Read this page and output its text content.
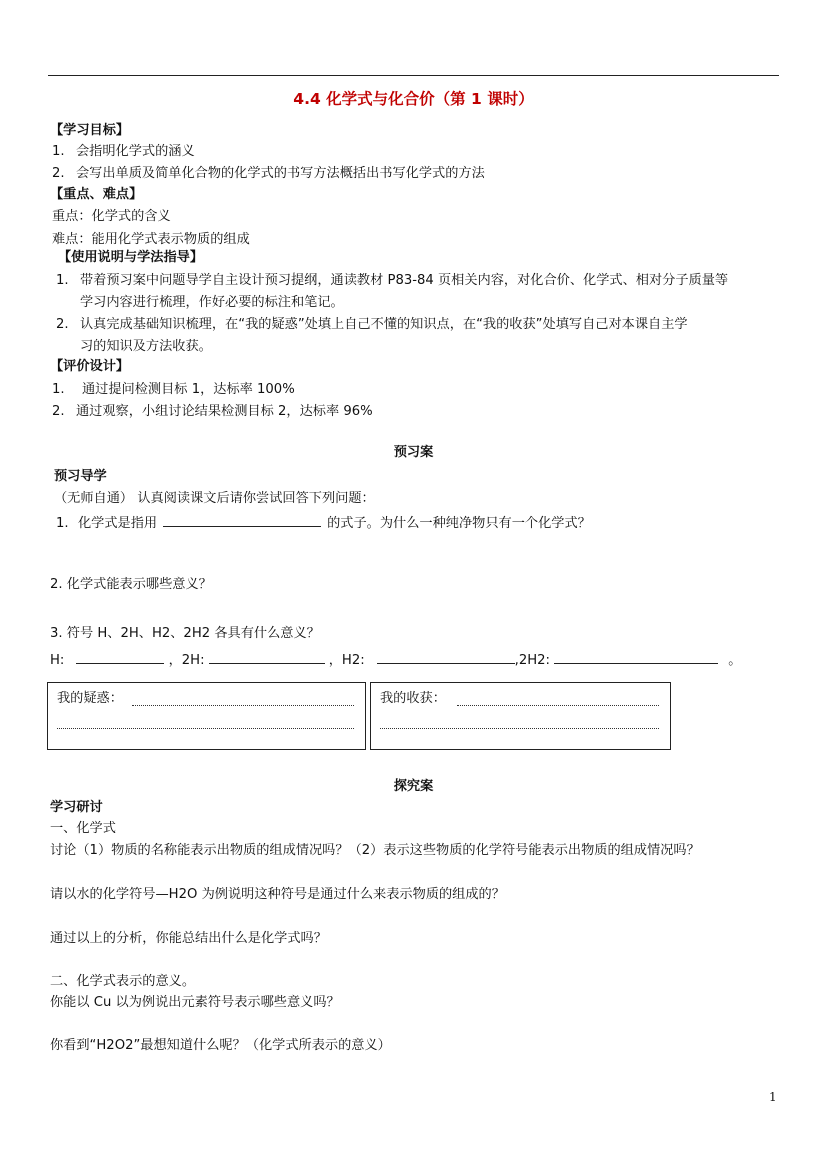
4.4 化学式与化合价（第 1 课时）
【学习目标】
1. 会指明化学式的涵义
2. 会写出单质及简单化合物的化学式的书写方法概括出书写化学式的方法
【重点、难点】
重点：化学式的含义
难点：能用化学式表示物质的组成
【使用说明与学法指导】
1. 带着预习案中问题导学自主设计预习提纲，通读教材 P83-84 页相关内容，对化合价、化学式、相对分子质量等
学习内容进行梳理，作好必要的标注和笔记。
2. 认真完成基础知识梳理，在“我的疑惑”处填上自己不懂的知识点，在“我的收获”处填写自己对本课自主学
习的知识及方法收获。
【评价设计】
1. 通过提问检测目标 1，达标率 100%
2. 通过观察，小组讨论结果检测目标 2，达标率 96%
预习案
预习导学
（无师自通） 认真阅读课文后请你尝试回答下列问题：
1. 化学式是指用	的式子。为什么一种纯净物只有一个化学式？
2. 化学式能表示哪些意义？
3. 符号 H、2H、H2、2H2 各具有什么意义？
H:	，2H:	，H2:	,2H2:	。
我的疑惑：	我的收获：
探究案
学习研讨
一、化学式
讨论（1）物质的名称能表示出物质的组成情况吗？（2）表示这些物质的化学符号能表示出物质的组成情况吗？
请以水的化学符号—H2O 为例说明这种符号是通过什么来表示物质的组成的？
通过以上的分析，你能总结出什么是化学式吗？
二、化学式表示的意义。
你能以 Cu 以为例说出元素符号表示哪些意义吗？
你看到“H2O2”最想知道什么呢？（化学式所表示的意义）
1
